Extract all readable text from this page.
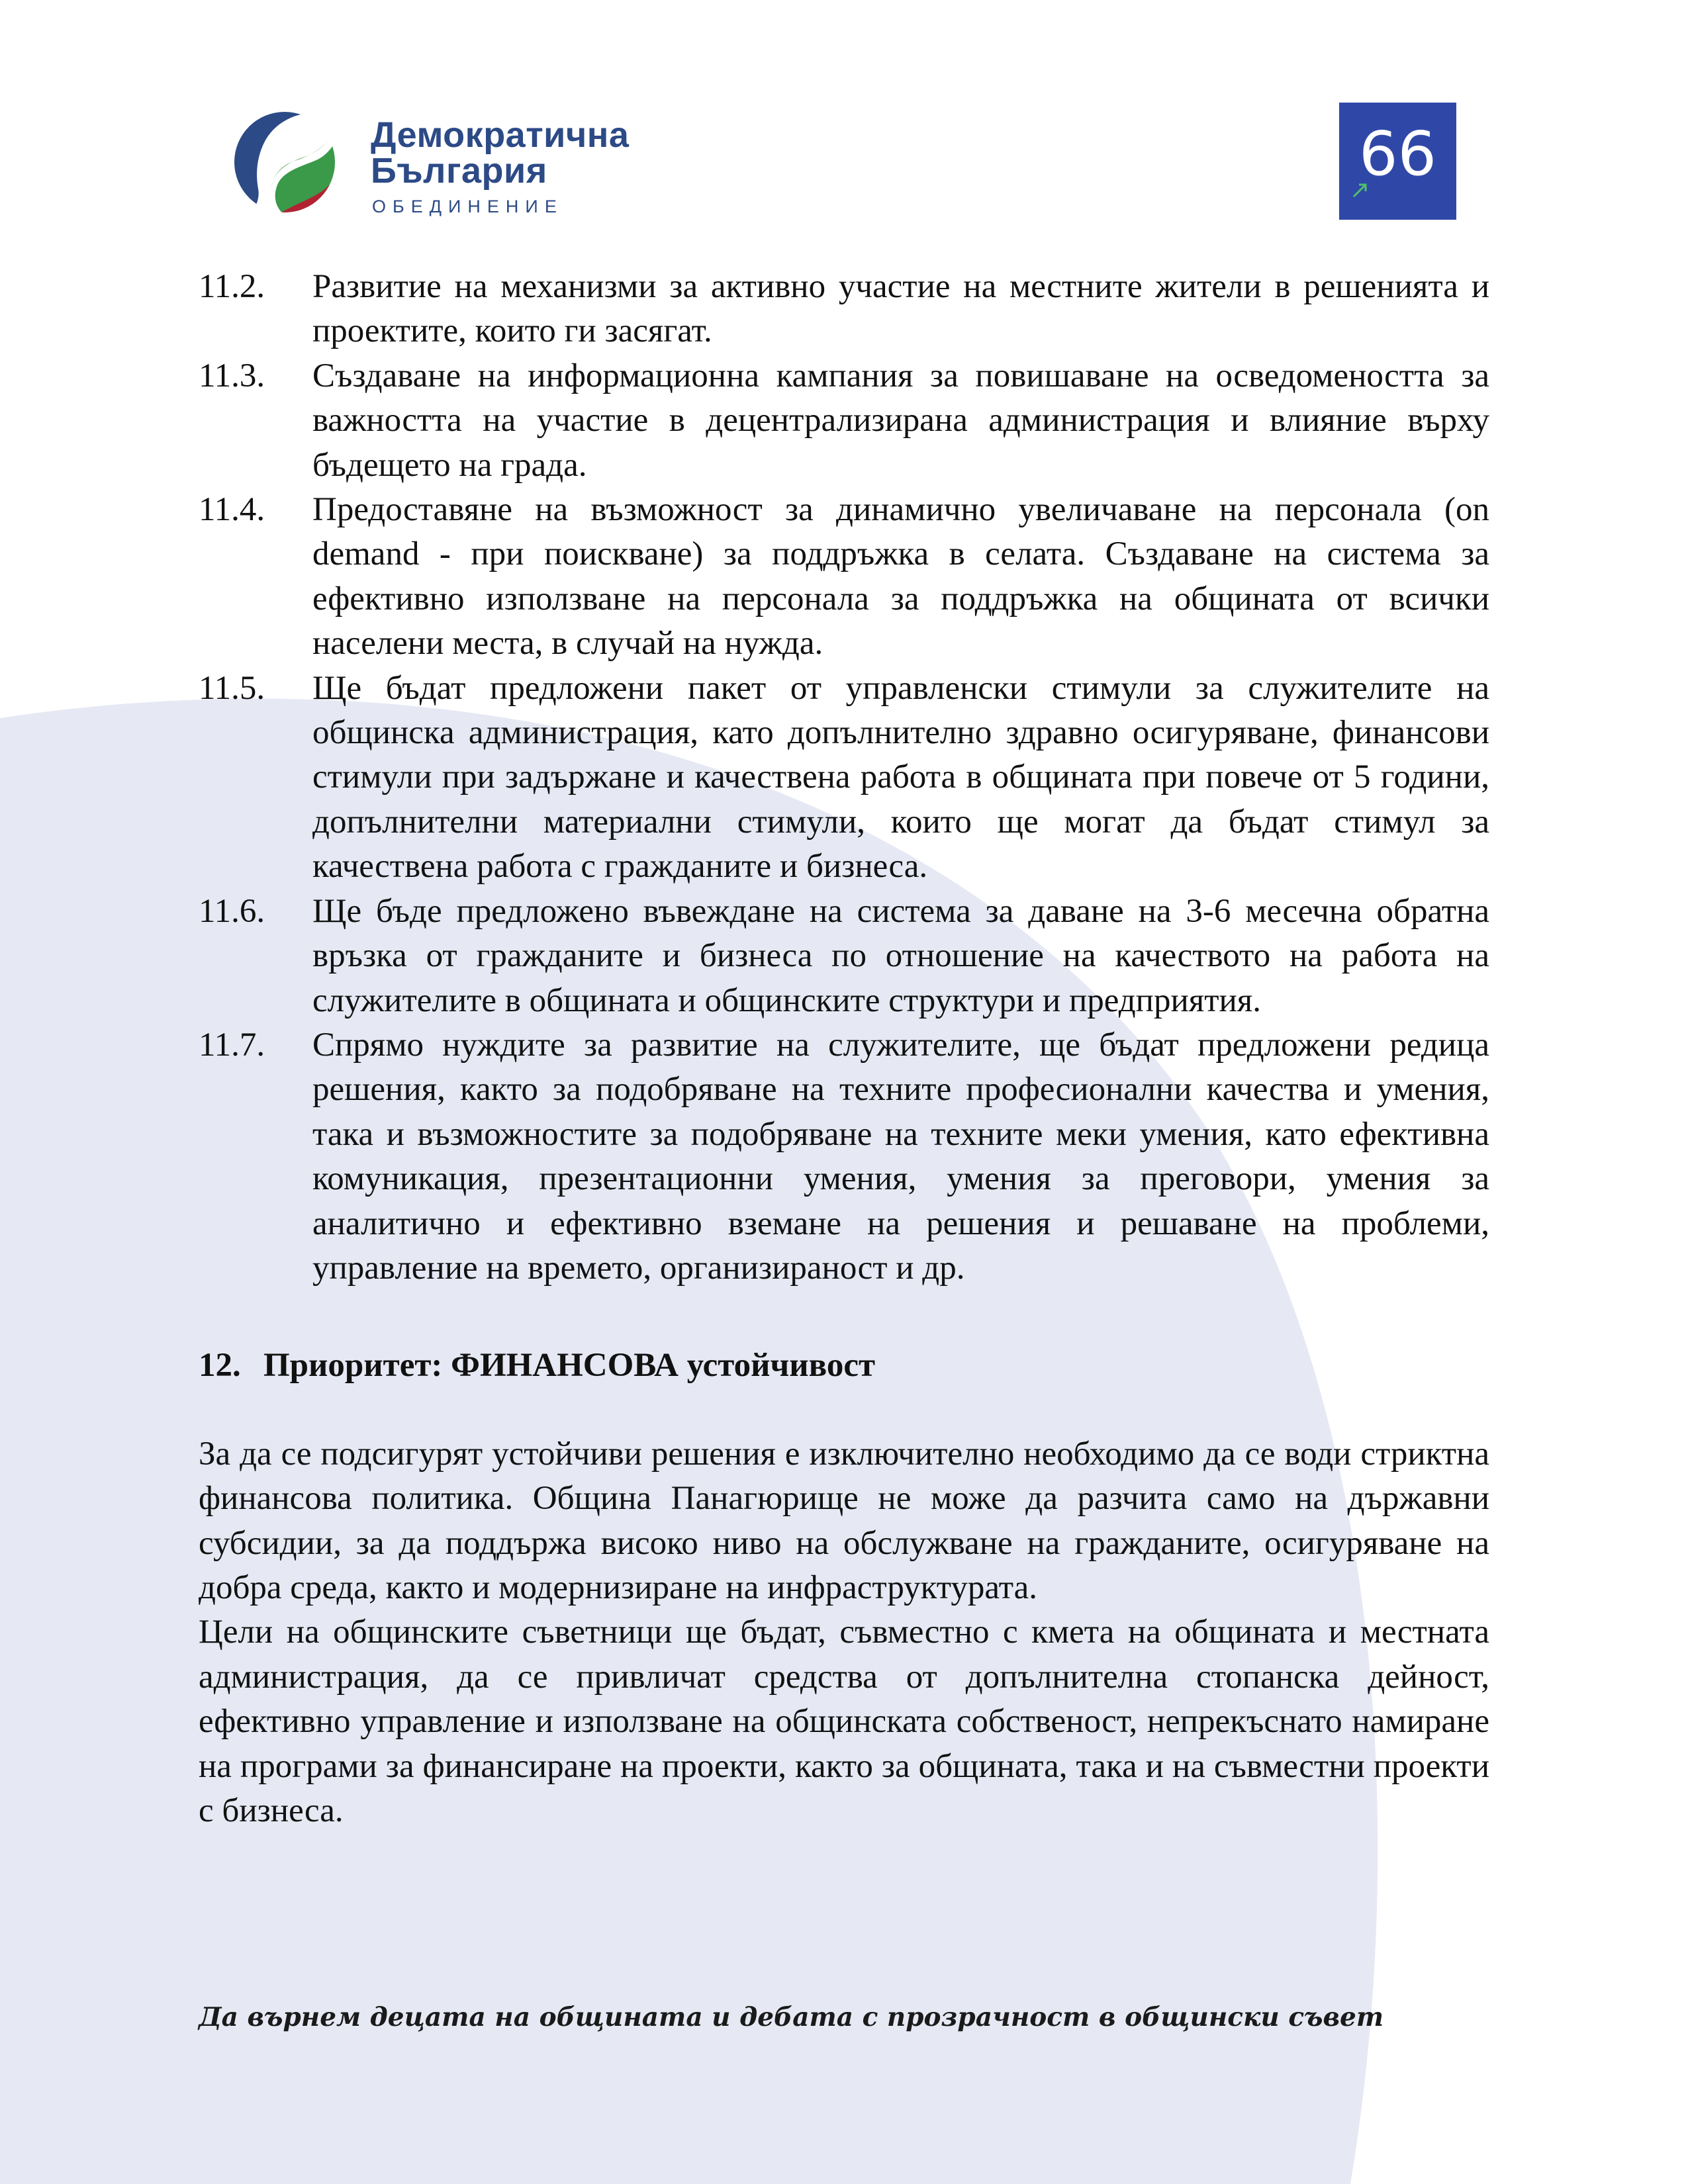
Демократична
България
ОБЕДИНЕНИЕ
66
11.2.	Развитие на механизми за активно участие на местните жители в решенията и проектите, които ги засягат.
11.3.	Създаване на информационна кампания за повишаване на осведомеността за важността на участие в децентрализирана администрация и влияние върху бъдещето на града.
11.4.	Предоставяне на възможност за динамично увеличаване на персонала (on demand - при поискване) за поддръжка в селата. Създаване на система за ефективно използване на персонала за поддръжка на общината от всички населени места, в случай на нужда.
11.5.	Ще бъдат предложени пакет от управленски стимули за служителите на общинска администрация, като допълнително здравно осигуряване, финансови стимули при задържане и качествена работа в общината при повече от 5 години, допълнителни материални стимули, които ще могат да бъдат стимул за качествена работа с гражданите и бизнеса.
11.6.	Ще бъде предложено въвеждане на система за даване на 3-6 месечна обратна връзка от гражданите и бизнеса по отношение на качеството на работа на служителите в общината и общинските структури и предприятия.
11.7.	Спрямо нуждите за развитие на служителите, ще бъдат предложени редица решения, както за подобряване на техните професионални качества и умения, така и възможностите за подобряване на техните меки умения, като ефективна комуникация, презентационни умения, умения за преговори, умения за аналитично и ефективно вземане на решения и решаване на проблеми, управление на времето, организираност и др.
12. Приоритет: ФИНАНСОВА устойчивост
За да се подсигурят устойчиви решения е изключително необходимо да се води стриктна финансова политика. Община Панагюрище не може да разчита само на държавни субсидии, за да поддържа високо ниво на обслужване на гражданите, осигуряване на добра среда, както и модернизиране на инфраструктурата.
Цели на общинските съветници ще бъдат, съвместно с кмета на общината и местната администрация, да се привличат средства от допълнителна стопанска дейност, ефективно управление и използване на общинската собственост, непрекъснато намиране на програми за финансиране на проекти, както за общината, така и на съвместни проекти с бизнеса.
Да върнем децата на общината и дебата с прозрачност в общински съвет
